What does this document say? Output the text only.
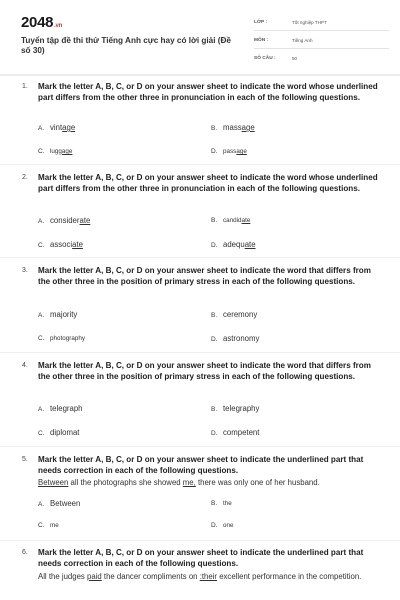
2048.vn
Tuyển tập đề thi thử Tiếng Anh cực hay có lời giải (Đề số 30)
LỚP :	Tốt nghiệp THPT
MÔN :	Tiếng Anh
SỐ CÂU :	50
1. Mark the letter A, B, C, or D on your answer sheet to indicate the word whose underlined part differs from the other three in pronunciation in each of the following questions.
A. vintage	B. massage
C. luggage	D. passage
2. Mark the letter A, B, C, or D on your answer sheet to indicate the word whose underlined part differs from the other three in pronunciation in each of the following questions.
A. considerate	B. candidate
C. associate	D. adequate
3. Mark the letter A, B, C, or D on your answer sheet to indicate the word that differs from the other three in the position of primary stress in each of the following questions.
A. majority	B. ceremony
C. photography	D. astronomy
4. Mark the letter A, B, C, or D on your answer sheet to indicate the word that differs from the other three in the position of primary stress in each of the following questions.
A. telegraph	B. telegraphy
C. diplomat	D. competent
5. Mark the letter A, B, C, or D on your answer sheet to indicate the underlined part that needs correction in each of the following questions.
Between all the photographs she showed me, there was only one of her husband.
A. Between	B. the
C. me	D. one
6. Mark the letter A, B, C, or D on your answer sheet to indicate the underlined part that needs correction in each of the following questions.
All the judges paid the dancer compliments on :their excellent performance in the competition.
